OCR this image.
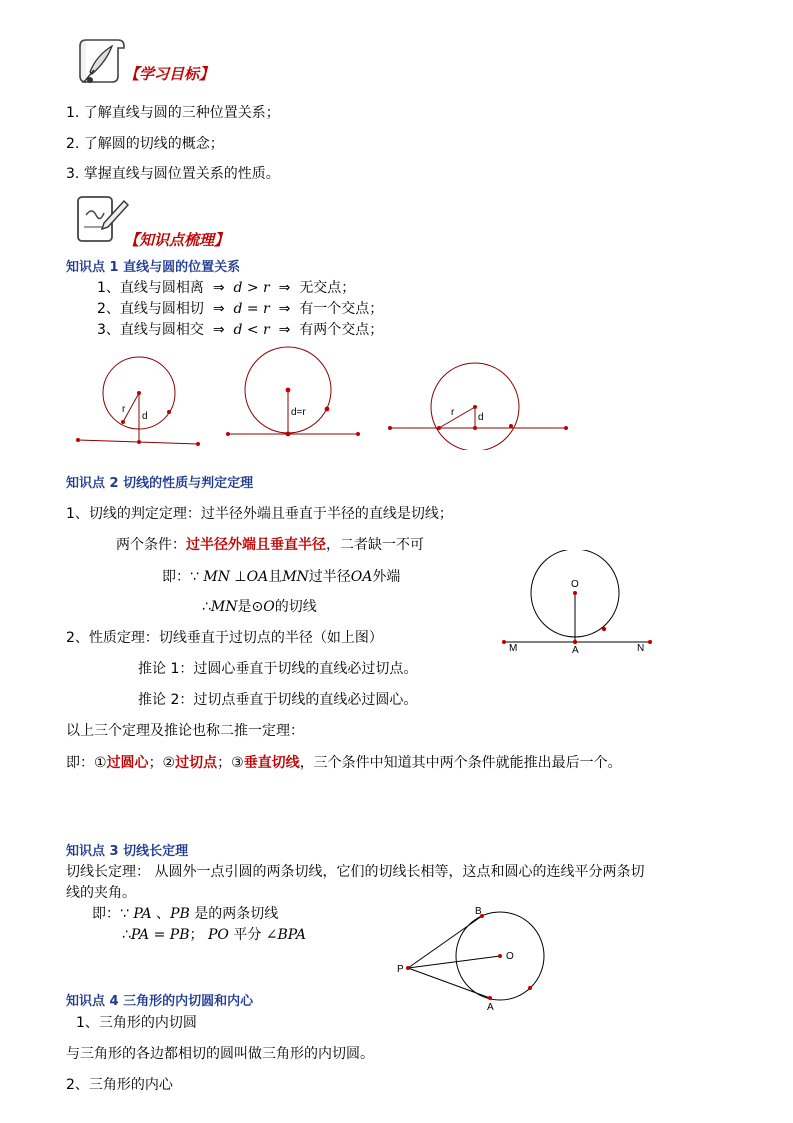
【学习目标】
1. 了解直线与圆的三种位置关系；
2. 了解圆的切线的概念；
3. 掌握直线与圆位置关系的性质。
【知识点梳理】
知识点 1 直线与圆的位置关系
1、直线与圆相离 ⇒ d > r ⇒ 无交点；
2、直线与圆相切 ⇒ d = r ⇒ 有一个交点；
3、直线与圆相交 ⇒ d < r ⇒ 有两个交点；
r
d	d=r	r d
知识点 2 切线的性质与判定定理
1、切线的判定定理：过半径外端且垂直于半径的直线是切线；
两个条件：过半径外端且垂直半径，二者缺一不可
即：∵ MN ⊥OA且MN过半径OA外端
∴MN是⊙O的切线
2、性质定理：切线垂直于过切点的半径（如上图）
推论 1：过圆心垂直于切线的直线必过切点。
推论 2：过切点垂直于切线的直线必过圆心。
以上三个定理及推论也称二推一定理：
即：①过圆心；②过切点；③垂直切线，三个条件中知道其中两个条件就能推出最后一个。
O
M	A	N
知识点 3 切线长定理
切线长定理： 从圆外一点引圆的两条切线，它们的切线长相等，这点和圆心的连线平分两条切
线的夹角。
即：∵ PA 、PB 是的两条切线
∴PA = PB； PO 平分 ∠BPA
B
O
P
A
知识点 4 三角形的内切圆和内心
1、三角形的内切圆
与三角形的各边都相切的圆叫做三角形的内切圆。
2、三角形的内心
